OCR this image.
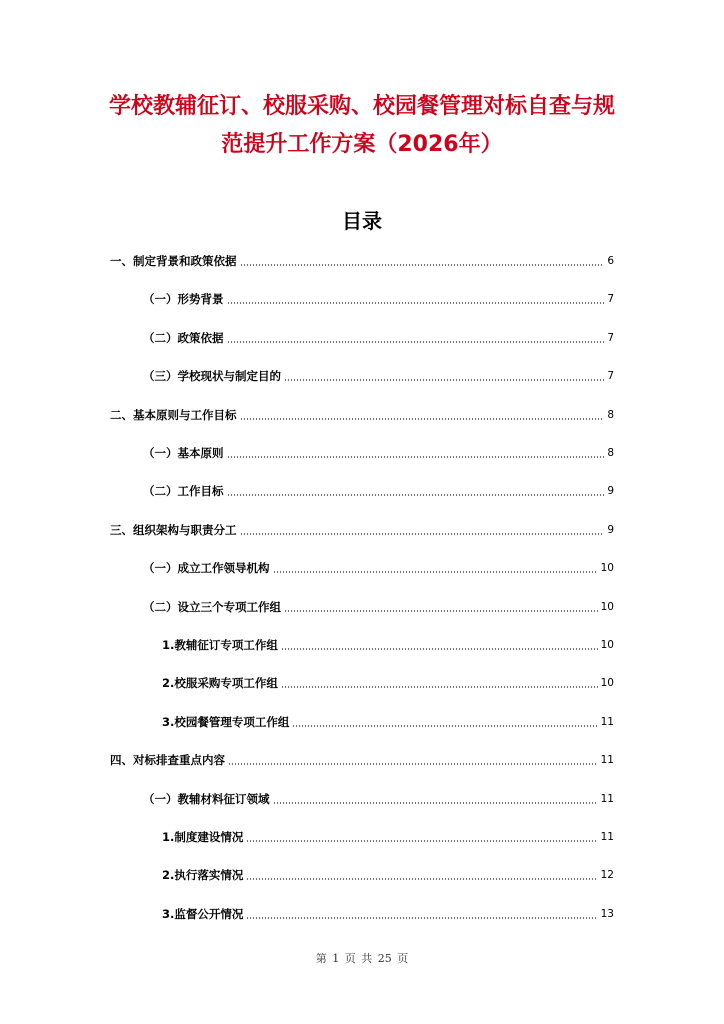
学校教辅征订、校服采购、校园餐管理对标自查与规
范提升工作方案（2026年）
目录
一、制定背景和政策依据	6
（一）形势背景	7
（二）政策依据	7
（三）学校现状与制定目的	7
二、基本原则与工作目标	8
（一）基本原则	8
（二）工作目标	9
三、组织架构与职责分工	9
（一）成立工作领导机构	10
（二）设立三个专项工作组	10
1.教辅征订专项工作组	10
2.校服采购专项工作组	10
3.校园餐管理专项工作组	11
四、对标排查重点内容	11
（一）教辅材料征订领域	11
1.制度建设情况	11
2.执行落实情况	12
3.监督公开情况	13
第 1 页 共 25 页
